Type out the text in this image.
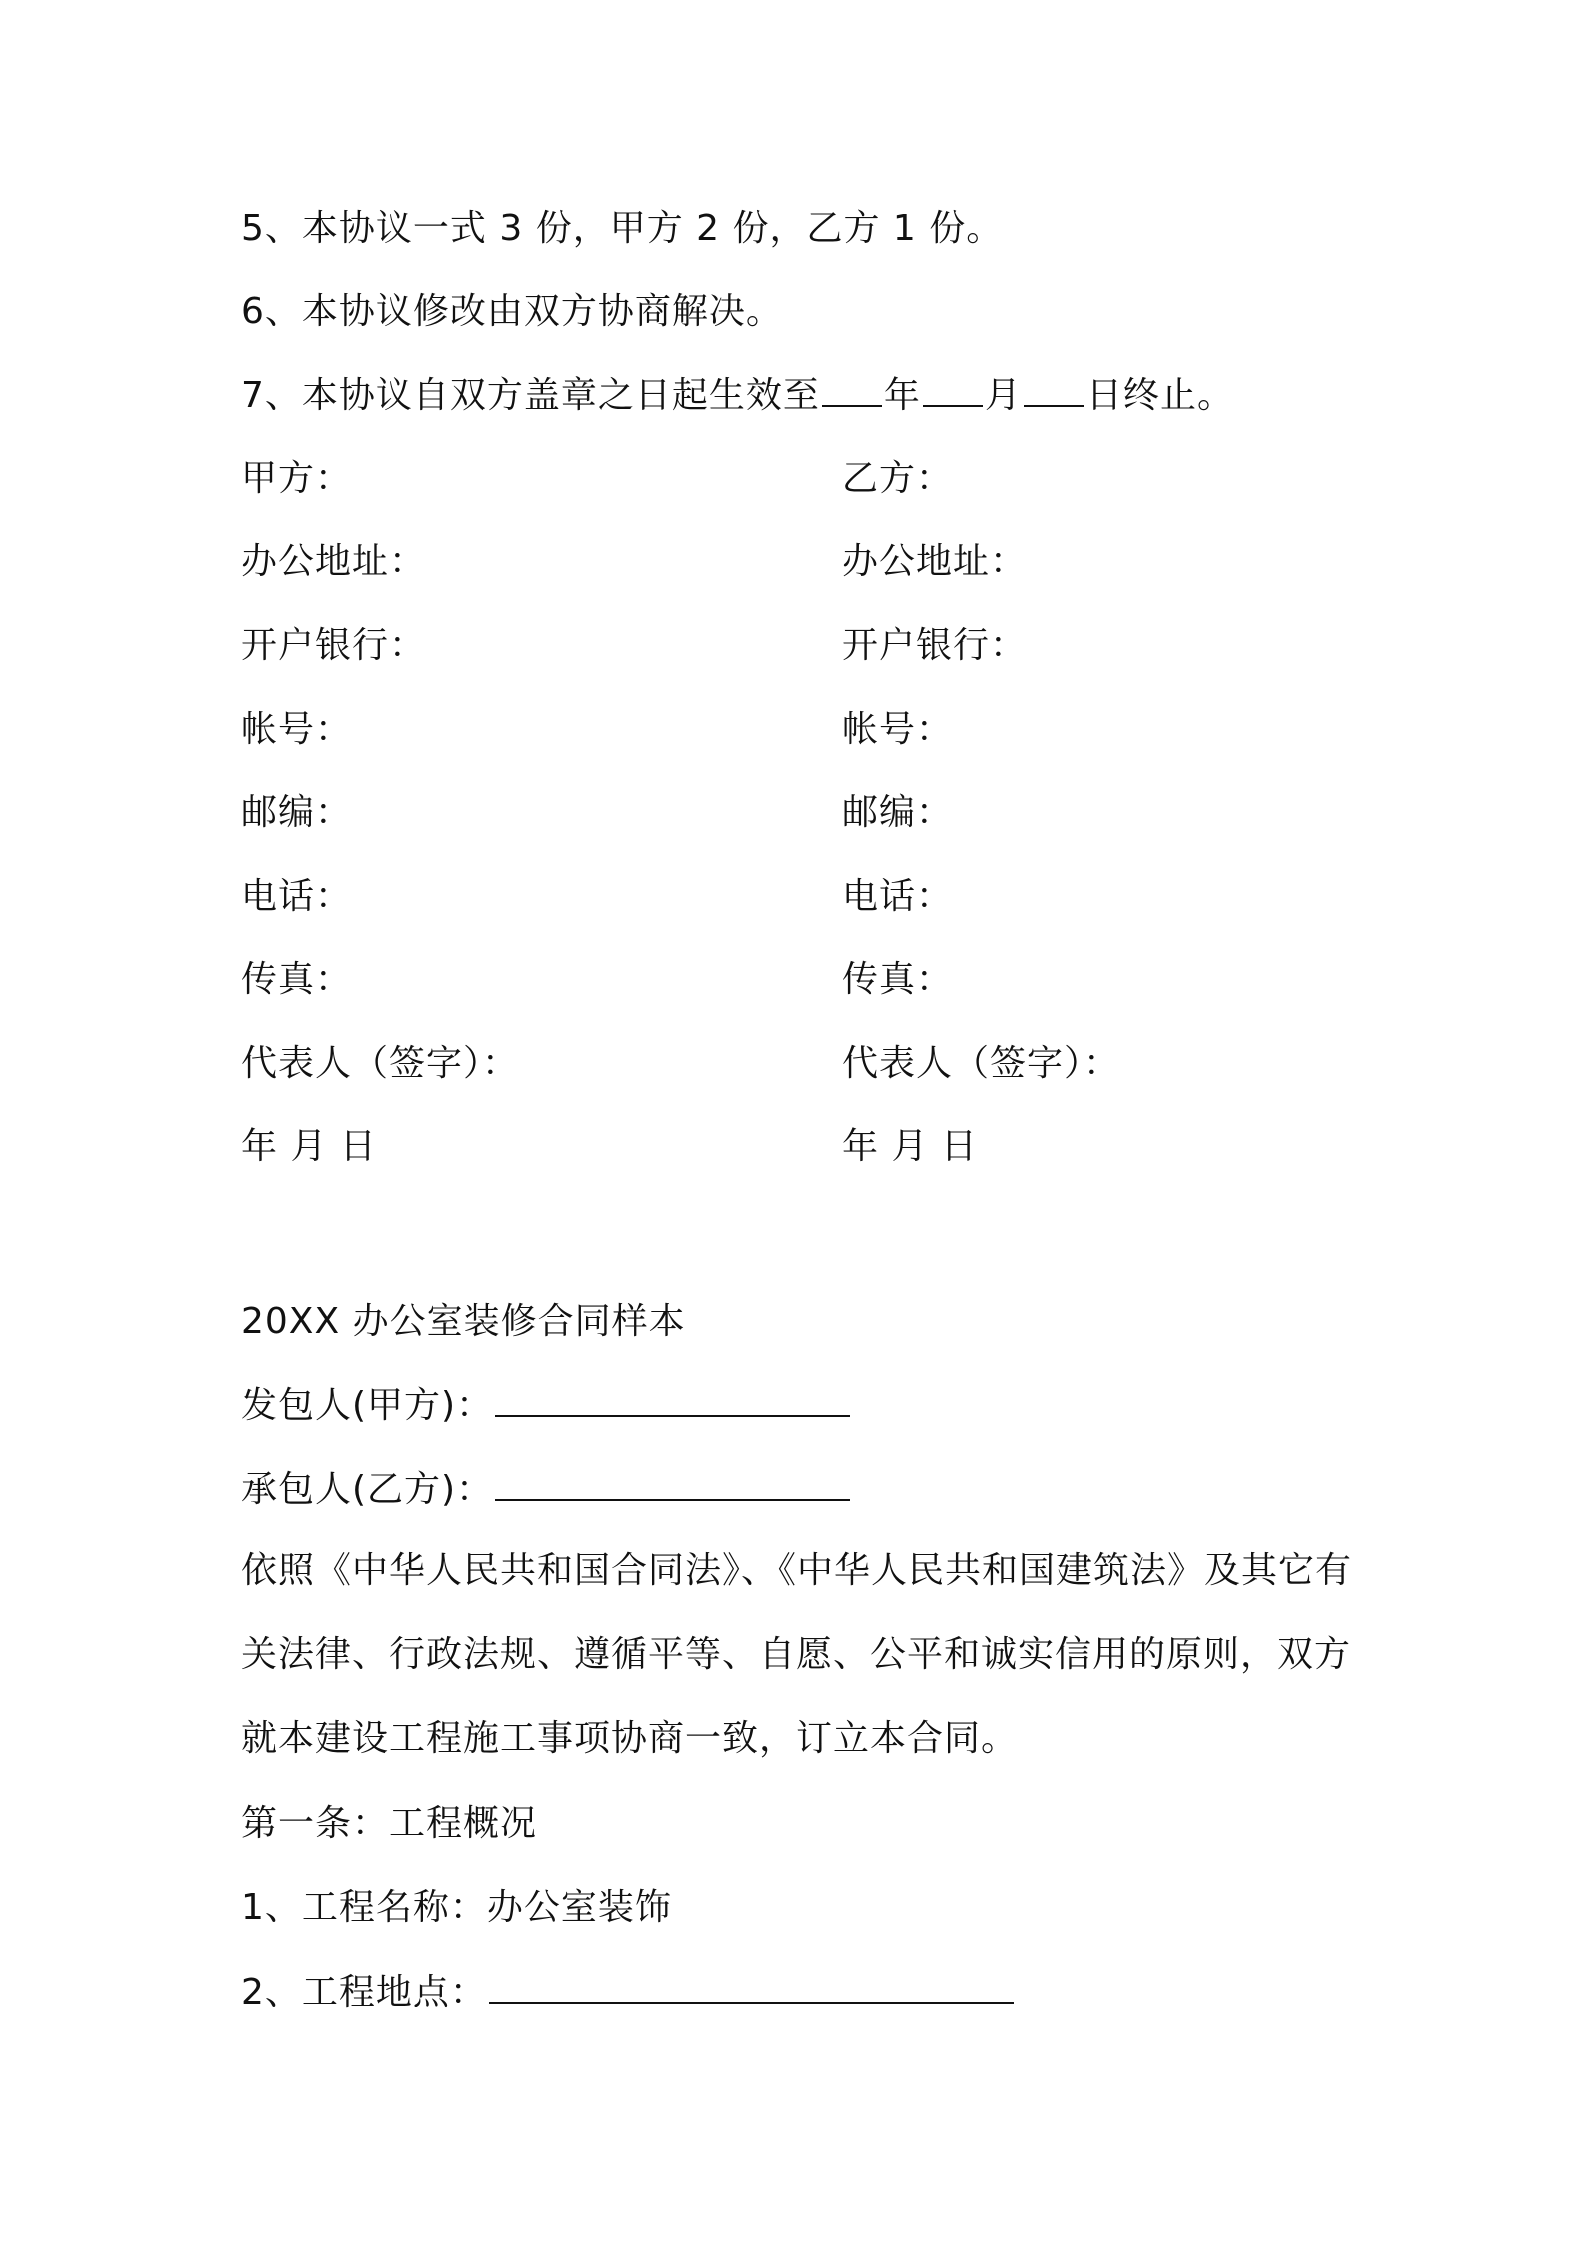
5、本协议一式 3 份，甲方 2 份，乙方 1 份。
6、本协议修改由双方协商解决。
7、本协议自双方盖章之日起生效至 年 月 日终止。
甲方：
办公地址：
开户银行：
帐号：
邮编：
电话：
传真：
代表人（签字）：
年 月 日
乙方：
办公地址：
开户银行：
帐号：
邮编：
电话：
传真：
代表人（签字）：
年 月 日
20XX 办公室装修合同样本
发包人(甲方)：
承包人(乙方)：
依照《中华人民共和国合同法》、《中华人民共和国建筑法》及其它有关法律、行政法规、遵循平等、自愿、公平和诚实信用的原则，双方就本建设工程施工事项协商一致，订立本合同。
第一条：工程概况
1、工程名称：办公室装饰
2、工程地点：
